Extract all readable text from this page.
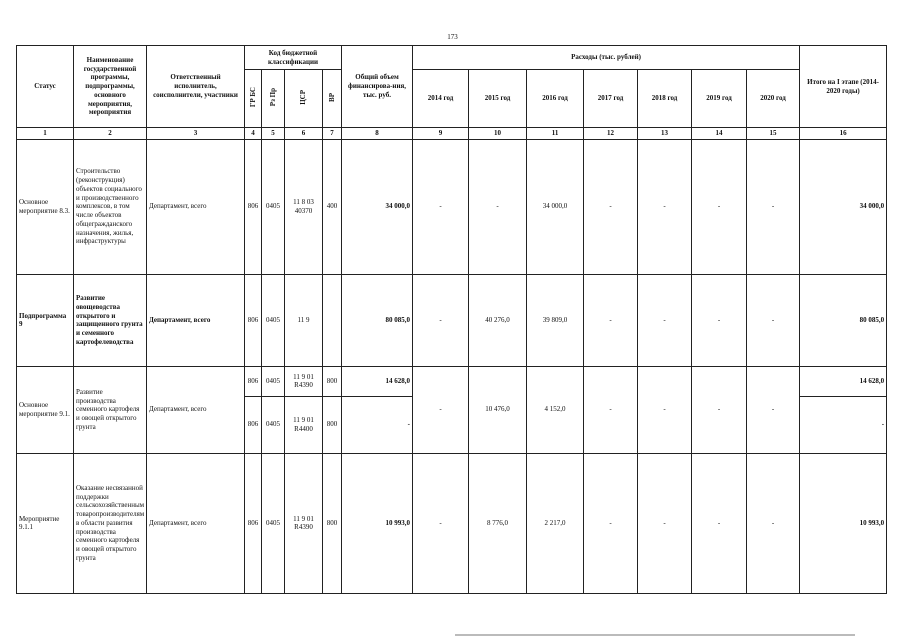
173
Статус	Наименование государственной программы, подпрограммы, основного мероприятия, мероприятия	Ответственный исполнитель, соисполнители, участники	Код бюджетной классификации				Общий объем финансирова-ния, тыс. руб.	Расходы (тыс. рублей)							Итого на I этапе (2014-2020 годы)
			ГР БС	Рз Пр	ЦСР	ВР		2014 год	2015 год	2016 год	2017 год	2018 год	2019 год	2020 год	
1	2	3	4	5	6	7	8	9	10	11	12	13	14	15	16
Основное мероприятие 8.3.	Строительство (реконструкция) объектов социального и производственного комплексов, в том числе объектов общегражданского назначения, жилья, инфраструктуры	Департамент, всего	806	0405	11 8 03 40370	400	34 000,0	-	-	34 000,0	-	-	-	-	34 000,0
Подпрограмма 9	Развитие овощеводства открытого и защищенного грунта и семенного картофелеводства	Департамент, всего	806	0405	11 9		80 085,0	-	40 276,0	39 809,0	-	-	-	-	80 085,0
Основное мероприятие 9.1.	Развитие производства семенного картофеля и овощей открытого грунта	Департамент, всего	806	0405	11 9 01 R4390	800	14 628,0	-	10 476,0	4 152,0	-	-	-	-	14 628,0
			806	0405	11 9 01 R4400	800	-								-
Мероприятие 9.1.1	Оказание несвязанной поддержки сельскохозяйственным товаропроизводителям в области развития производства семенного картофеля и овощей открытого грунта	Департамент, всего	806	0405	11 9 01 R4390	800	10 993,0	-	8 776,0	2 217,0	-	-	-	-	10 993,0
